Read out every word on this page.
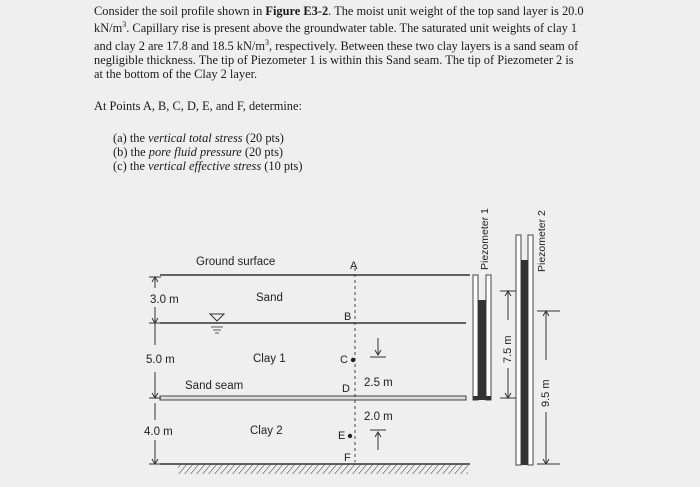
Consider the soil profile shown in Figure E3-2. The moist unit weight of the top sand layer is 20.0
$kN/m^3$. Capillary rise is present above the groundwater table. The saturated unit weights of clay 1
and clay 2 are 17.8 and 18.5 $kN/m^3$, respectively. Between these two clay layers is a sand seam of
negligible thickness. The tip of Piezometer 1 is within this Sand seam. The tip of Piezometer 2 is
at the bottom of the Clay 2 layer.
At Points A, B, C, D, E, and F, determine:
(a) the vertical total stress (20 pts)
(b) the pore fluid pressure (20 pts)
(c) the vertical effective stress (10 pts)
Ground surface
Sand
Clay 1
Sand seam
Clay 2
3.0 m
5.0 m
4.0 m
A
B
C
D
E
F
2.5 m
2.0 m
Piezometer 1	Piezometer 2
7.5 m
9.5 m
